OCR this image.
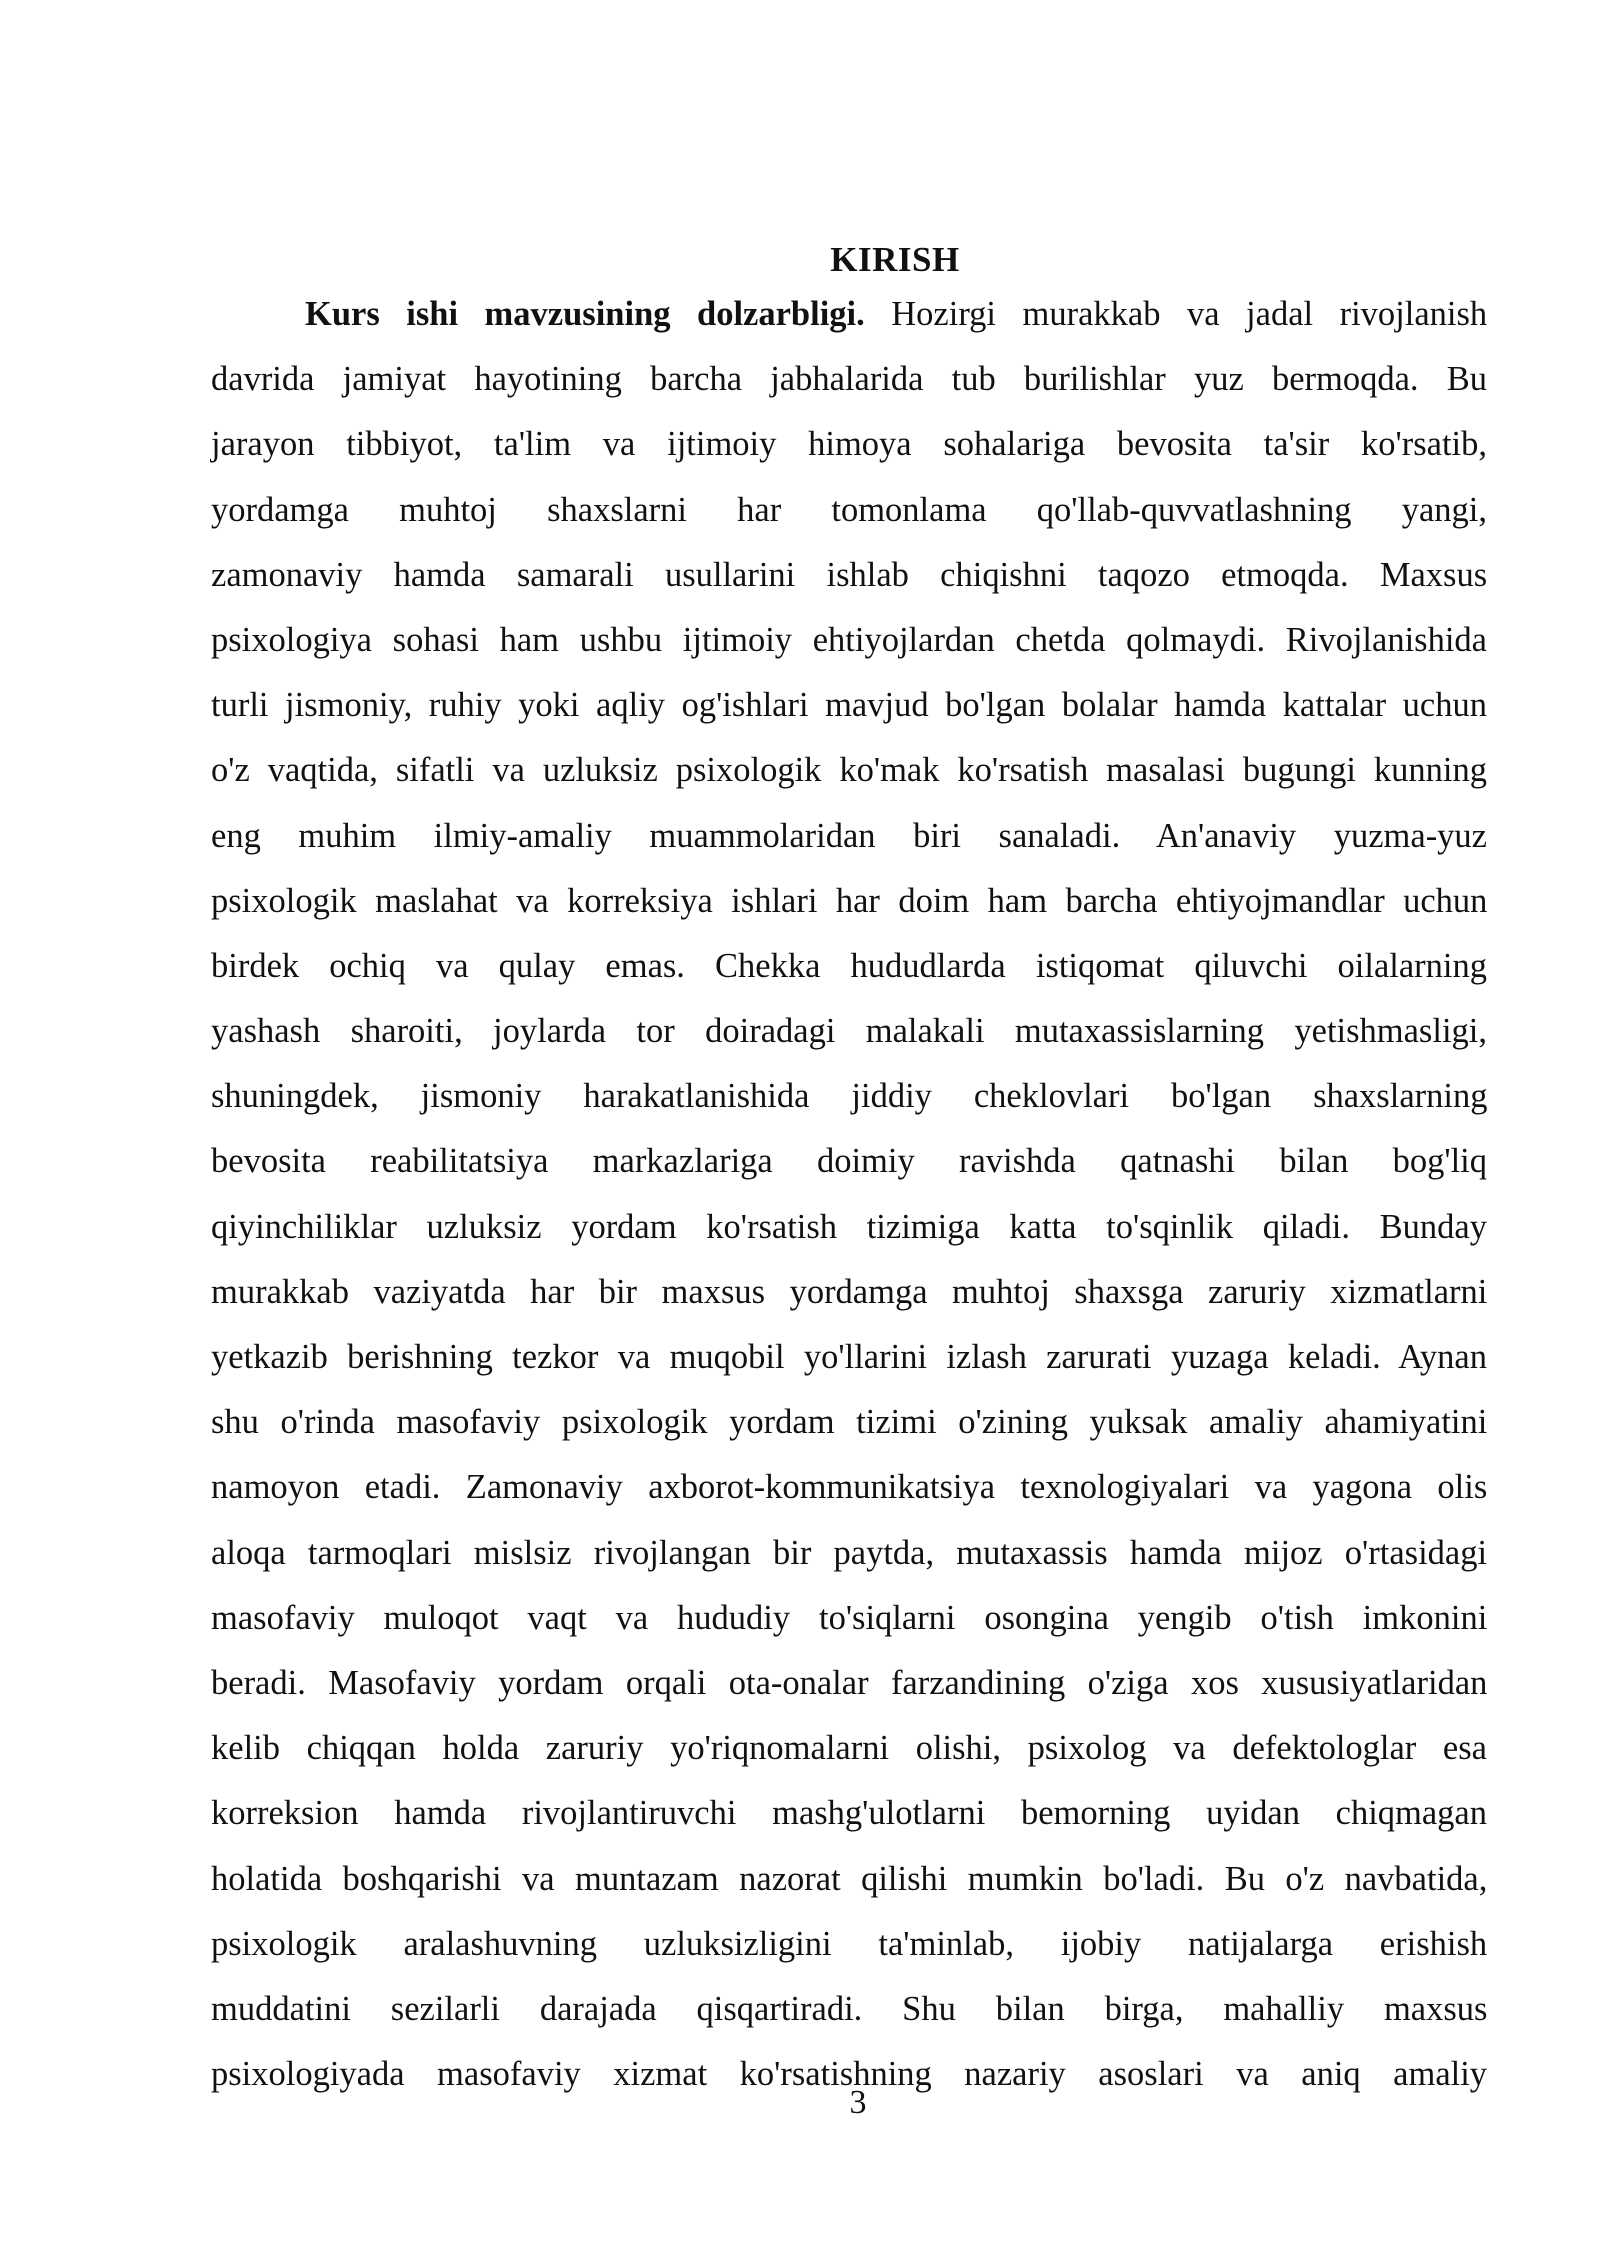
KIRISH
Kurs ishi mavzusining dolzarbligi. Hozirgi murakkab va jadal rivojlanish
davrida jamiyat hayotining barcha jabhalarida tub burilishlar yuz bermoqda. Bu
jarayon tibbiyot, ta'lim va ijtimoiy himoya sohalariga bevosita ta'sir ko'rsatib,
yordamga muhtoj shaxslarni har tomonlama qo'llab-quvvatlashning yangi,
zamonaviy hamda samarali usullarini ishlab chiqishni taqozo etmoqda. Maxsus
psixologiya sohasi ham ushbu ijtimoiy ehtiyojlardan chetda qolmaydi. Rivojlanishida
turli jismoniy, ruhiy yoki aqliy og'ishlari mavjud bo'lgan bolalar hamda kattalar uchun
o'z vaqtida, sifatli va uzluksiz psixologik ko'mak ko'rsatish masalasi bugungi kunning
eng muhim ilmiy-amaliy muammolaridan biri sanaladi. An'anaviy yuzma-yuz
psixologik maslahat va korreksiya ishlari har doim ham barcha ehtiyojmandlar uchun
birdek ochiq va qulay emas. Chekka hududlarda istiqomat qiluvchi oilalarning
yashash sharoiti, joylarda tor doiradagi malakali mutaxassislarning yetishmasligi,
shuningdek, jismoniy harakatlanishida jiddiy cheklovlari bo'lgan shaxslarning
bevosita reabilitatsiya markazlariga doimiy ravishda qatnashi bilan bog'liq
qiyinchiliklar uzluksiz yordam ko'rsatish tizimiga katta to'sqinlik qiladi. Bunday
murakkab vaziyatda har bir maxsus yordamga muhtoj shaxsga zaruriy xizmatlarni
yetkazib berishning tezkor va muqobil yo'llarini izlash zarurati yuzaga keladi. Aynan
shu o'rinda masofaviy psixologik yordam tizimi o'zining yuksak amaliy ahamiyatini
namoyon etadi. Zamonaviy axborot-kommunikatsiya texnologiyalari va yagona olis
aloqa tarmoqlari mislsiz rivojlangan bir paytda, mutaxassis hamda mijoz o'rtasidagi
masofaviy muloqot vaqt va hududiy to'siqlarni osongina yengib o'tish imkonini
beradi. Masofaviy yordam orqali ota-onalar farzandining o'ziga xos xususiyatlaridan
kelib chiqqan holda zaruriy yo'riqnomalarni olishi, psixolog va defektologlar esa
korreksion hamda rivojlantiruvchi mashg'ulotlarni bemorning uyidan chiqmagan
holatida boshqarishi va muntazam nazorat qilishi mumkin bo'ladi. Bu o'z navbatida,
psixologik aralashuvning uzluksizligini ta'minlab, ijobiy natijalarga erishish
muddatini sezilarli darajada qisqartiradi. Shu bilan birga, mahalliy maxsus
psixologiyada masofaviy xizmat ko'rsatishning nazariy asoslari va aniq amaliy
3
